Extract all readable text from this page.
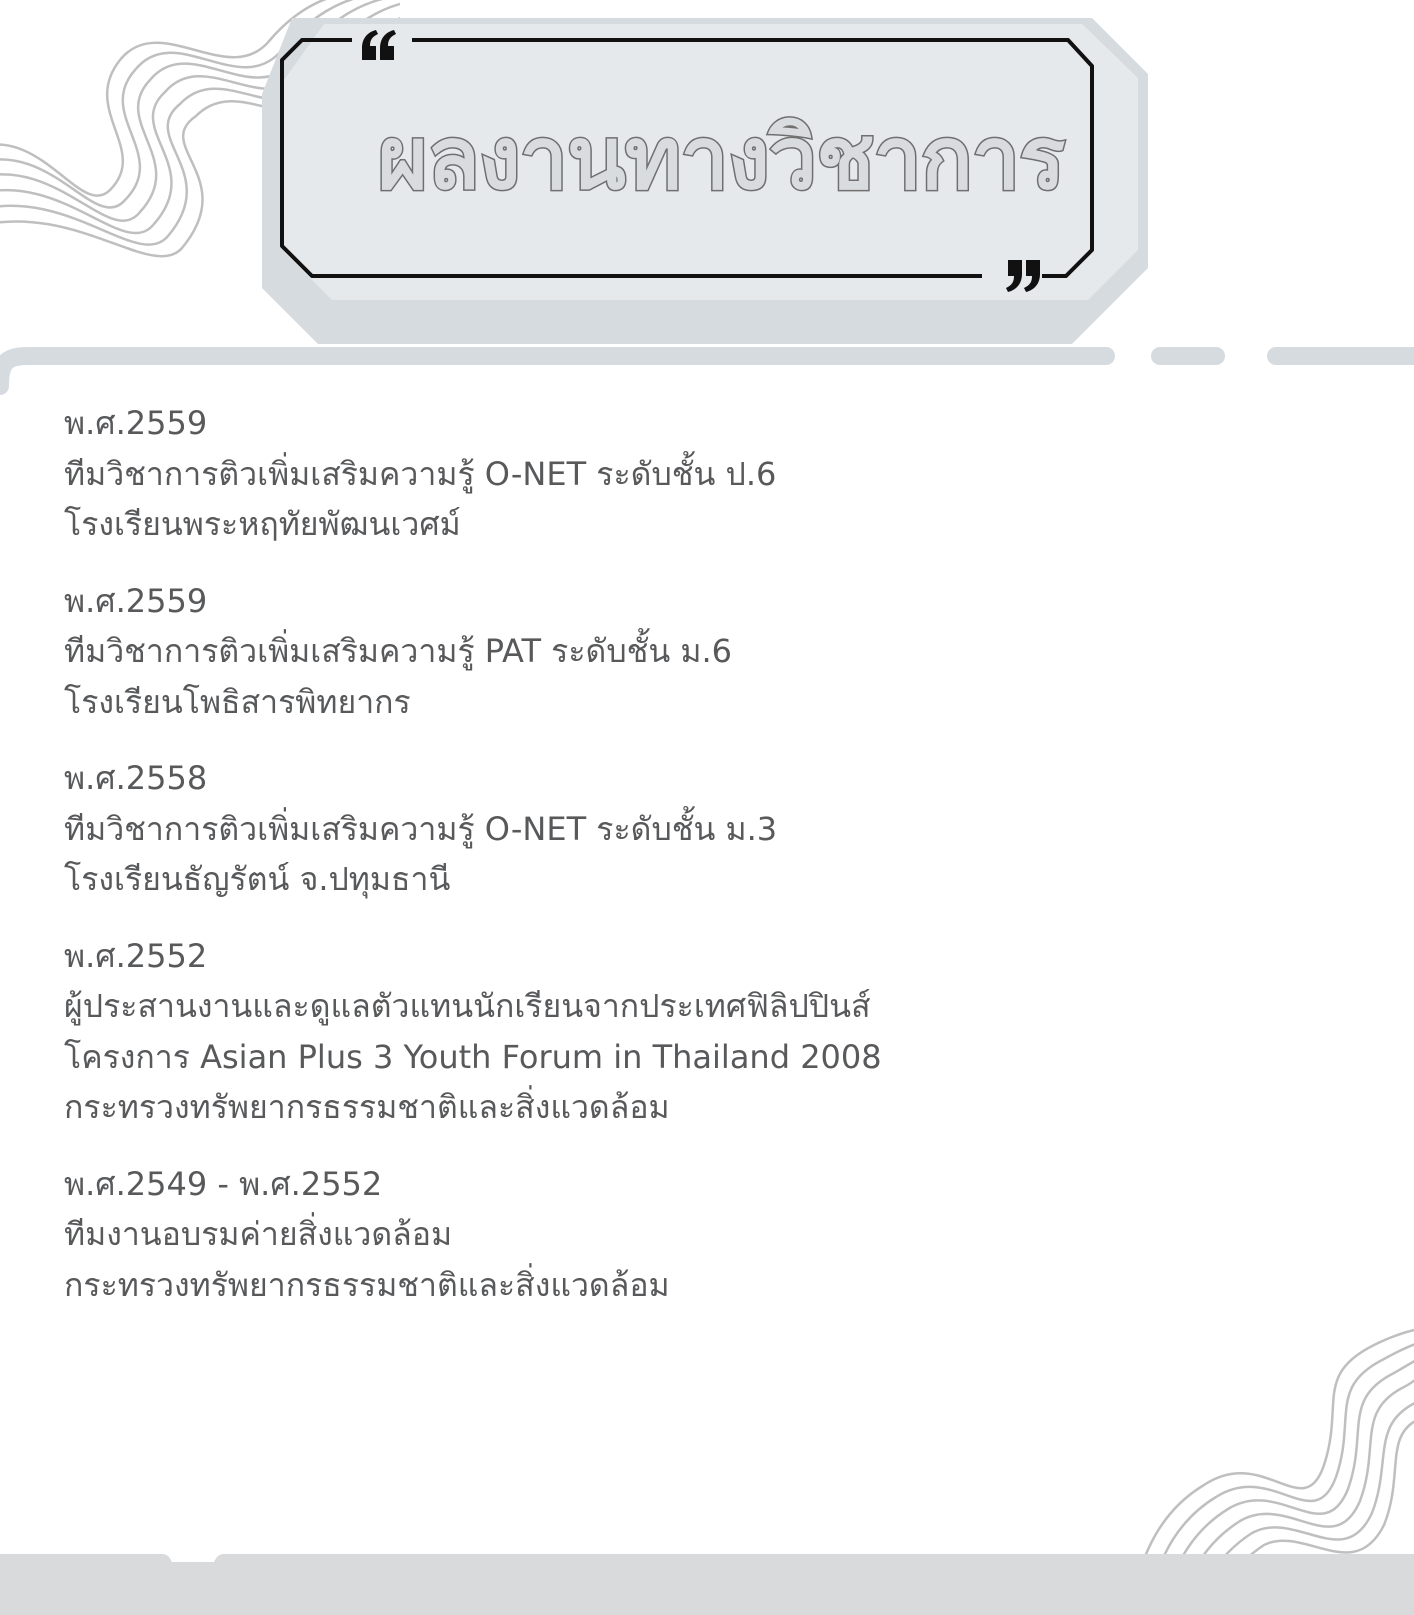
ผลงานทางวิชาการ
พ.ศ.2559
ทีมวิชาการติวเพิ่มเสริมความรู้ O-NET ระดับชั้น ป.6
โรงเรียนพระหฤทัยพัฒนเวศม์
พ.ศ.2559
ทีมวิชาการติวเพิ่มเสริมความรู้ PAT ระดับชั้น ม.6
โรงเรียนโพธิสารพิทยากร
พ.ศ.2558
ทีมวิชาการติวเพิ่มเสริมความรู้ O-NET ระดับชั้น ม.3
โรงเรียนธัญรัตน์ จ.ปทุมธานี
พ.ศ.2552
ผู้ประสานงานและดูแลตัวแทนนักเรียนจากประเทศฟิลิปปินส์
โครงการ Asian Plus 3 Youth Forum in Thailand 2008
กระทรวงทรัพยากรธรรมชาติและสิ่งแวดล้อม
พ.ศ.2549 - พ.ศ.2552
ทีมงานอบรมค่ายสิ่งแวดล้อม
กระทรวงทรัพยากรธรรมชาติและสิ่งแวดล้อม
